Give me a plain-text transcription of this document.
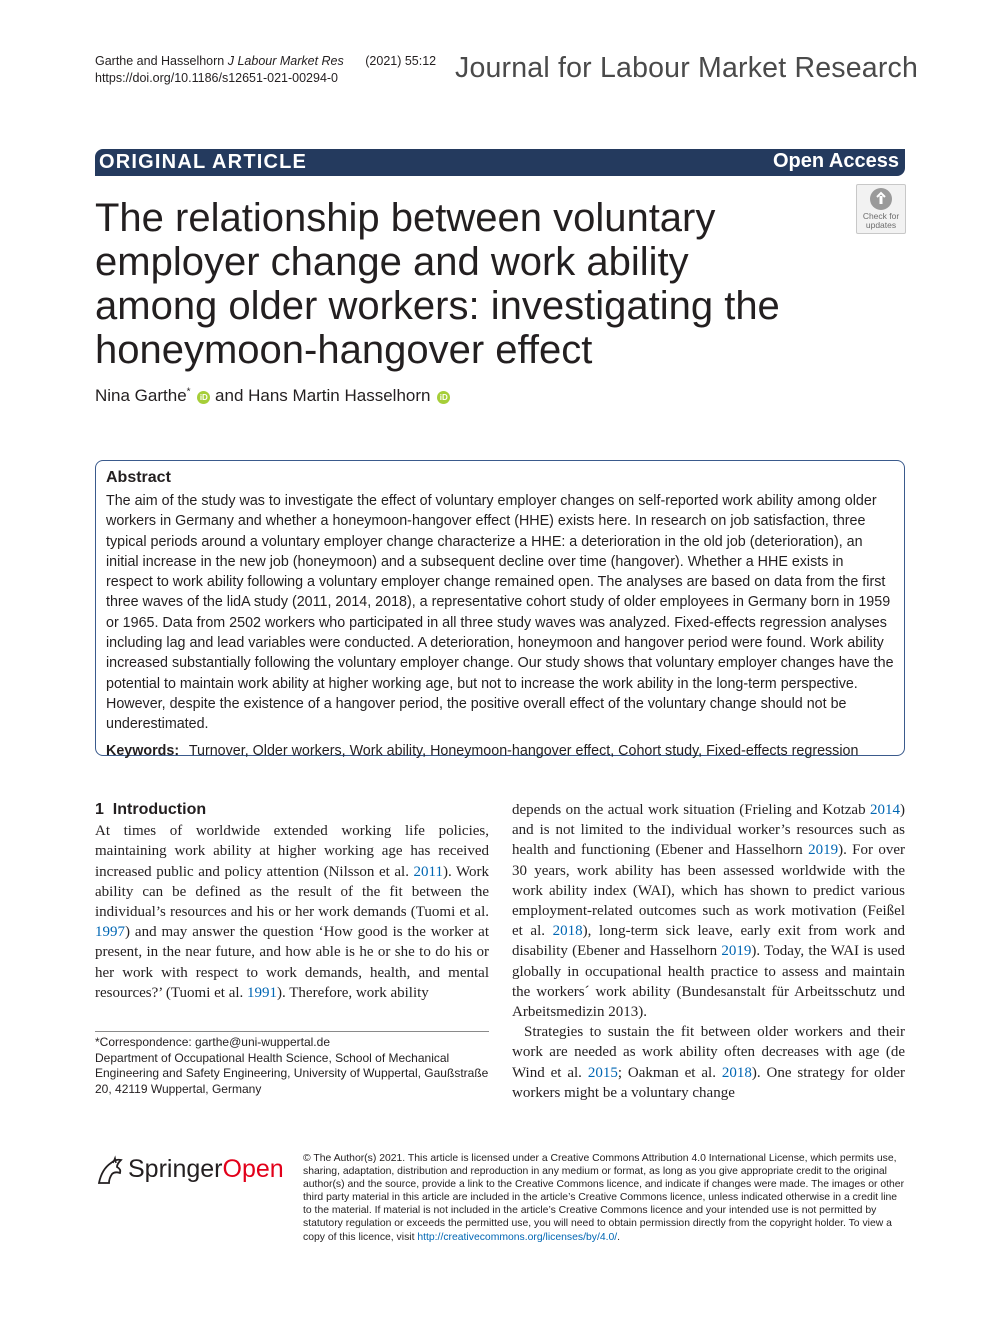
Garthe and Hasselhorn J Labour Market Res (2021) 55:12
https://doi.org/10.1186/s12651-021-00294-0	Journal for Labour Market Research
ORIGINAL ARTICLE	Open Access
The relationship between voluntary employer change and work ability among older workers: investigating the honeymoon-hangover effect
Check for updates
Nina Garthe* iD and Hans Martin Hasselhorn iD
Abstract
The aim of the study was to investigate the effect of voluntary employer changes on self-reported work ability among older workers in Germany and whether a honeymoon-hangover effect (HHE) exists here. In research on job satisfaction, three typical periods around a voluntary employer change characterize a HHE: a deterioration in the old job (deterioration), an initial increase in the new job (honeymoon) and a subsequent decline over time (hangover). Whether a HHE exists in respect to work ability following a voluntary employer change remained open. The analyses are based on data from the first three waves of the lidA study (2011, 2014, 2018), a representative cohort study of older employees in Germany born in 1959 or 1965. Data from 2502 workers who participated in all three study waves was analyzed. Fixed-effects regression analyses including lag and lead variables were conducted. A deterioration, honeymoon and hangover period were found. Work ability increased substantially following the voluntary employer change. Our study shows that voluntary employer changes have the potential to maintain work ability at higher working age, but not to increase the work ability in the long-term perspective. However, despite the existence of a hangover period, the positive overall effect of the voluntary change should not be underestimated.
Keywords: Turnover, Older workers, Work ability, Honeymoon-hangover effect, Cohort study, Fixed-effects regression
1 Introduction

At times of worldwide extended working life policies, maintaining work ability at higher working age has received increased public and policy attention (Nilsson et al. 2011). Work ability can be defined as the result of the fit between the individual’s resources and his or her work demands (Tuomi et al. 1997) and may answer the question ‘How good is the worker at present, in the near future, and how able is he or she to do his or her work with respect to work demands, health, and mental resources?’ (Tuomi et al. 1991). Therefore, work ability

*Correspondence: garthe@uni-wuppertal.de
Department of Occupational Health Science, School of Mechanical Engineering and Safety Engineering, University of Wuppertal, Gaußstraße 20, 42119 Wuppertal, Germany

depends on the actual work situation (Frieling and Kotzab 2014) and is not limited to the individual worker’s resources such as health and functioning (Ebener and Hasselhorn 2019). For over 30 years, work ability has been assessed worldwide with the work ability index (WAI), which has shown to predict various employment-related outcomes such as work motivation (Feißel et al. 2018), long-term sick leave, early exit from work and disability (Ebener and Hasselhorn 2019). Today, the WAI is used globally in occupational health practice to assess and maintain the workers´ work ability (Bundesanstalt für Arbeitsschutz und Arbeitsmedizin 2013).

Strategies to sustain the fit between older workers and their work are needed as work ability often decreases with age (de Wind et al. 2015; Oakman et al. 2018). One strategy for older workers might be a voluntary change

SpringerOpen © The Author(s) 2021. This article is licensed under a Creative Commons Attribution 4.0 International License, which permits use, sharing, adaptation, distribution and reproduction in any medium or format, as long as you give appropriate credit to the original author(s) and the source, provide a link to the Creative Commons licence, and indicate if changes were made. The images or other third party material in this article are included in the article’s Creative Commons licence, unless indicated otherwise in a credit line to the material. If material is not included in the article’s Creative Commons licence and your intended use is not permitted by statutory regulation or exceeds the permitted use, you will need to obtain permission directly from the copyright holder. To view a copy of this licence, visit http://creativecommons.org/licenses/by/4.0/.
